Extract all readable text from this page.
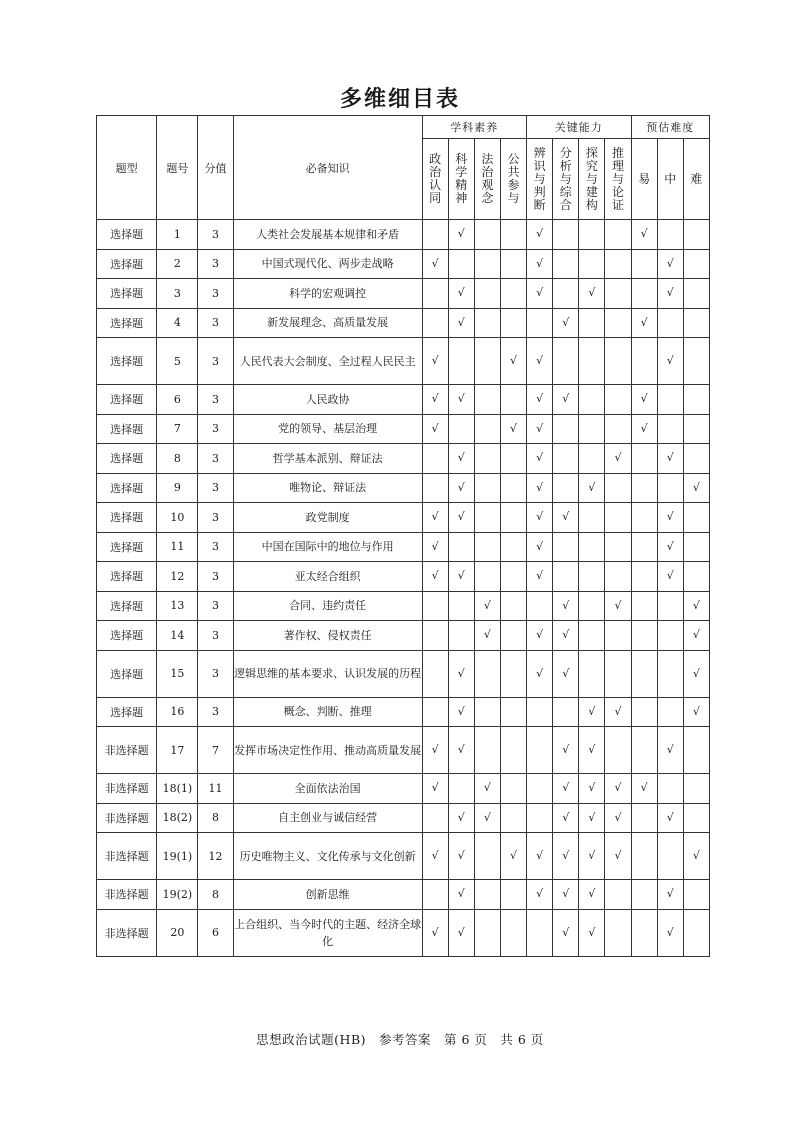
多维细目表
题型	题号	分值	必备知识	学科素养				关键能力				预估难度		

				政治认同	科学精神	法治观念	公共参与	辨识与判断	分析与综合	探究与建构	推理与论证	易	中	难

选择题	1	3	人类社会发展基本规律和矛盾		√			√				√		
选择题	2	3	中国式现代化、两步走战略	√				√					√	
选择题	3	3	科学的宏观调控		√			√		√			√	
选择题	4	3	新发展理念、高质量发展		√				√			√		
选择题	5	3	人民代表大会制度、全过程人民民主	√			√	√					√	
选择题	6	3	人民政协	√	√			√	√			√		
选择题	7	3	党的领导、基层治理	√			√	√				√		
选择题	8	3	哲学基本派别、辩证法		√			√			√		√	
选择题	9	3	唯物论、辩证法		√			√		√				√
选择题	10	3	政党制度	√	√			√	√				√	
选择题	11	3	中国在国际中的地位与作用	√				√					√	
选择题	12	3	亚太经合组织	√	√			√					√	
选择题	13	3	合同、违约责任			√			√		√			√
选择题	14	3	著作权、侵权责任			√		√	√					√
选择题	15	3	逻辑思维的基本要求、认识发展的历程		√			√	√					√
选择题	16	3	概念、判断、推理		√					√	√			√
非选择题	17	7	发挥市场决定性作用、推动高质量发展	√	√				√	√			√	
非选择题	18(1)	11	全面依法治国	√		√			√	√	√	√		
非选择题	18(2)	8	自主创业与诚信经营		√	√			√	√	√		√	
非选择题	19(1)	12	历史唯物主义、文化传承与文化创新	√	√		√	√	√	√	√			√
非选择题	19(2)	8	创新思维		√			√	√	√			√	
非选择题	20	6	上合组织、当今时代的主题、经济全球化	√	√				√	√			√	
思想政治试题(HB)　参考答案　第 6 页　共 6 页
